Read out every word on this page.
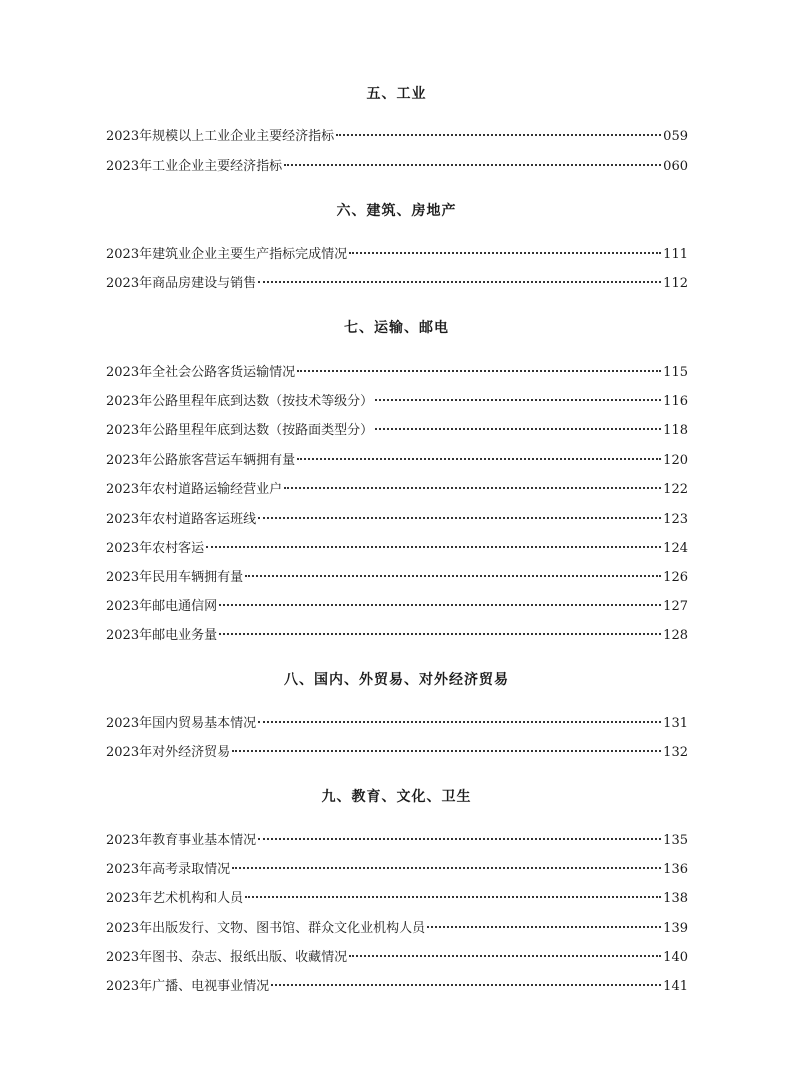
五、工业
2023年规模以上工业企业主要经济指标	059
2023年工业企业主要经济指标	060
六、建筑、房地产
2023年建筑业企业主要生产指标完成情况	111
2023年商品房建设与销售	112
七、运输、邮电
2023年全社会公路客货运输情况	115
2023年公路里程年底到达数（按技术等级分）	116
2023年公路里程年底到达数（按路面类型分）	118
2023年公路旅客营运车辆拥有量	120
2023年农村道路运输经营业户	122
2023年农村道路客运班线	123
2023年农村客运	124
2023年民用车辆拥有量	126
2023年邮电通信网	127
2023年邮电业务量	128
八、国内、外贸易、对外经济贸易
2023年国内贸易基本情况	131
2023年对外经济贸易	132
九、教育、文化、卫生
2023年教育事业基本情况	135
2023年高考录取情况	136
2023年艺术机构和人员	138
2023年出版发行、文物、图书馆、群众文化业机构人员	139
2023年图书、杂志、报纸出版、收藏情况	140
2023年广播、电视事业情况	141
